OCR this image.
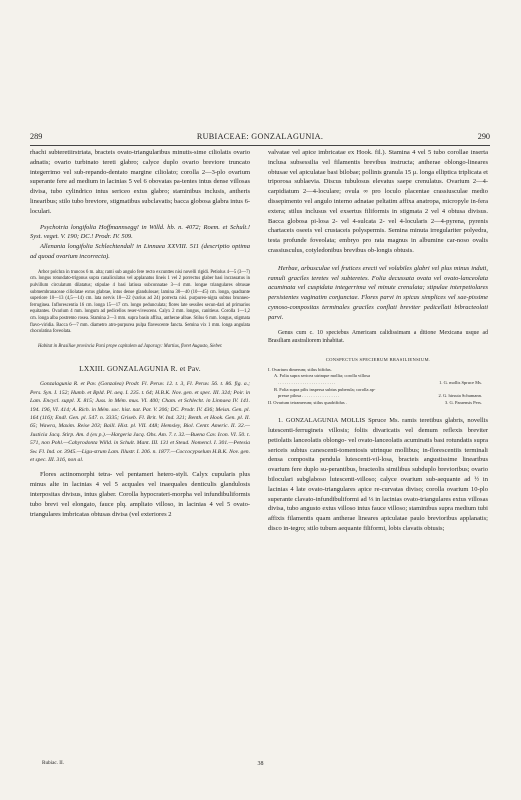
289	RUBIACEAE: GONZALAGUNIA.	290

rhachi subteretiirstriata, bracteis ovato-triangularibus minutis-sime ciliolatis ovario adnatis; ovario turbinato tereti glabro; calyce duplo ovario breviore truncato integerrimo vel sub-repando-dentato margine ciliolato; corolla 2—3-plo ovarium superante fere ad medium in lacinias 5 vel 6 obovatas pa-tentes intus dense villosas divisa, tubo cylindrico intus sericeo extus glabro; staminibus inclusis, antheris linearibus; stilo tubo breviore, stigmatibus subclavatis; bacca globosa glabra intus 6-loculari.

Psychotria longifolia Hoffmannsegg! in Willd. hb. n. 4072; Roem. et Schult.! Syst. veget. V. 190; DC.! Prodr. IV. 509.

Allenania longifolia Schlechtendal! in Linnaea XXVIII. 511 (descriptio optima ad quoad ovarium incorrecta).

Arbor polchra in truncos 6 m. alta; rami sub angulo fere recto excunttes nisi novelli rigidi. Petiolus 4—5 (3—7) cm. longus rotundato-trigonus supra canaliculatus vel applanatus lineis 1 vel 2 porrectus glaber basi incrassatus in pulvillum circulatum dilatatus; stipulae 4 basi latiusa subconnatae 3—4 mm. longae triangulares obtusae submembranaceae ciliolatae extus glabrae, intus dense glandulosae; lamina 30—40 (10—45) cm. longa, quadrante superiore 10—13 (4,5—14) cm. lata nervis 18—22 (varius ad 24) porrecta nisi. purpureo-nigra subtus brunneo-ferruginea. Inflorescentia 16 cm. longa 15—17 cm. longo pedunculata; flores late sessiles secun-dari ad primarios equitantes. Ovarium 4 mm. longum ad pedicellos reser-vivescens. Calyx 2 mm. longus, canitieus. Corolla 1—1,2 cm. longa alba postremo rosea. Stamina 2—3 mm. supra basin affixa, antherae albae. Stilus 6 mm. longus, stigmata flavo-viridia. Bacca 6—7 mm. diametro atro-purpurea pulpa flavescente fancta. Semina vix 1 mm. longa angulata chocolatina foveolata.

Habitat in Brasiliae provincia Pará prope capitalem ad Japaraçy: Martius, floret Augusto, Sieber.

LXXIII. GONZALAGUNIA R. et Pav.

Gonzalagunia R. et Pav. (Gonzalea) Prodr. Fl. Peruv. 12. t. 3, Fl. Peruv. 56. t. 86. fig. a.; Pers. Syn. I. 152; Humb. et Bpld. Pl. aeq. I. 235. t. 64; H.B.K. Nov. gen. et spec. III. 324; Poir. in Lam. Encycl. suppl. X. 815; Juss. in Mém. mus. VI. 400; Cham. et Schlecht. in Linnaea IV. 141. 194. 196, VI. 414; A. Rich. in Mém. soc. hist. nat. Par. V. 206; DC. Prodr. IV. 436; Meisn. Gen. pl. 164 (116); Endl. Gen. pl. 547. n. 3335; Griseb. Fl. Brit. W. Ind. 321; Benth. et Hook. Gen. pl. II. 65; Wawra, Maxim. Reise 203; Baill. Hist. pl. VII. 448; Hemsley, Biol. Centr. Americ. II. 32.—Justicia Jacq. Stirp. Am. 4 (ex p.).—Hargeria Jacq. Obs. Am. 7. t. 32.—Buena Cav. Icon. VI. 50. t. 571, non Pohl.—Cahyrodonta Willd. in Schult. Mant. III. 131 et Steud. Nomencl. I. 301.—Petesia Sw. Fl. Ind. or. 3945.—Ligu-strum Lam. Illustr. I. 206. n. 1877.—Coccocypselum H.B.K. Nov. gen. et spec. III. 316, non al.

Flores actinomorphi tetra- vel pentameri hetero-styli. Calyx cupularis plus minus alte in lacinias 4 vel 5 acquales vel inaequales denticulis glandulosis interpositas divisus, intus glaber. Corolla hypocrateri-morpha vel infundibuliformis tubo brevi vel elongato, fauce plq. ampliato villoso, in lacinias 4 vel 5 ovato-triangulares imbricatas obtusas divisa (vel exteriores 2

valvatae vel apice imbricatae ex Hook. fil.). Stamina 4 vel 5 tubo corollae inserta inclusa subsessilia vel filamentis brevibus instructa; antherae oblongo-lineares obtusae vel apiculatae basi bilobae; pollinis granula 15 μ. longa ellipticа triplicata et triporosa sublaevia. Discus tubulosus elevatus saepe crenulatus. Ovarium 2—4-carpidiatum 2—4-loculare; ovula ∞ pro loculo placentae crassiusculae medio dissepimento vel angulo interno adnatae peltatim affixa anatropa, micropyle in-fera extera; stilus inclusus vel exsertus filiformis in stigmata 2 vel 4 obtusa divisus. Bacca globosa pi-losa 2- vel 4-sulcata 2- vel 4-locularis 2—4-pyrena, pyrenis chartaceis oseeis vel crustaceis polyspermis. Semina minuta irregulariter polyedra, testa profunde foveolata; embryo pro rata magnus in albumine car-noso ovalis crassiusculus, cotyledonibus brevibus ob-longis obtusis.

Herbae, arbusculae vel frutices erecti vel volubiles glabri vel plus minus induti, ramuli graciles teretes vel subteretes. Folia decussata ovata vel ovato-lanceolata acuminata vel cuspidata integerrima vel minute crenulata; stipulae interpetiolares persistentes vaginatim conjunctae. Flores parvi in spicas simplices vel sae-pissime cymoso-compositas terminales graciles conflati breviter pedicellati bibracteolati parvi.

Genus cum c. 10 speciebus Americam calidissimam a ditione Mexicana usque ad Brasiliam australiorem inhabitat.

CONSPECTUS SPECIERUM BRASILIENSIUM.

I. Ovarium dimerum; stilus bifidus.
A. Folia supra sericea utrinque mollia; corolla villosa
. . . . . . . . . . . . . . . . . . . . . . . . . .	1. G. mollis Spruce Ms.
B. Folia supra pilis inspersa subtus puberula; corolla ap-
presse pilosa . . . . . . . . . . . . . . . . .	2. G. hirsuta Schumann.
II. Ovarium tetramerum; stilus quadrifidus .	3. G. Paraensis Pers.

1. GONZALAGUNIA MOLLIS Spruce Ms. ramis teretibus glabris, novellis lutescenti-ferrugineis villosis; foliis divaricatis vel demum reflexis breviter petiolatis lanceolatis oblongo- vel ovato-lanceolatis acuminatis basi rotundatis supra sericeis subtus canescenti-tomentosis utrinque mollibus; in-florescentiis terminali densa composita pendula lutescenti-vil-losa, bracteis angustissime linearibus ovarium fere duplo su-perantibus, bracteolis similibus subduplo brevioribus; ovario biloculari subglaboso lutescenti-villoso; calyce ovarium sub-aequante ad ½ in lacinias 4 late ovato-triangulares apice re-curvatas diviso; corolla ovarium 10-plo superante clavato-infundibuliformi ad ⅓ in lacinias ovato-triangulares extus villosas divisa, tubo angusto extus villoso intus fauce villoso; staminibus supra medium tubi affixis filamentis quam antherae lineares apiculatae paulo brevioribus applanatis; disco in-tegro; stilo tubum aequante filiformi, lobis clavatis obtusis;

Rubiac. II.	38
